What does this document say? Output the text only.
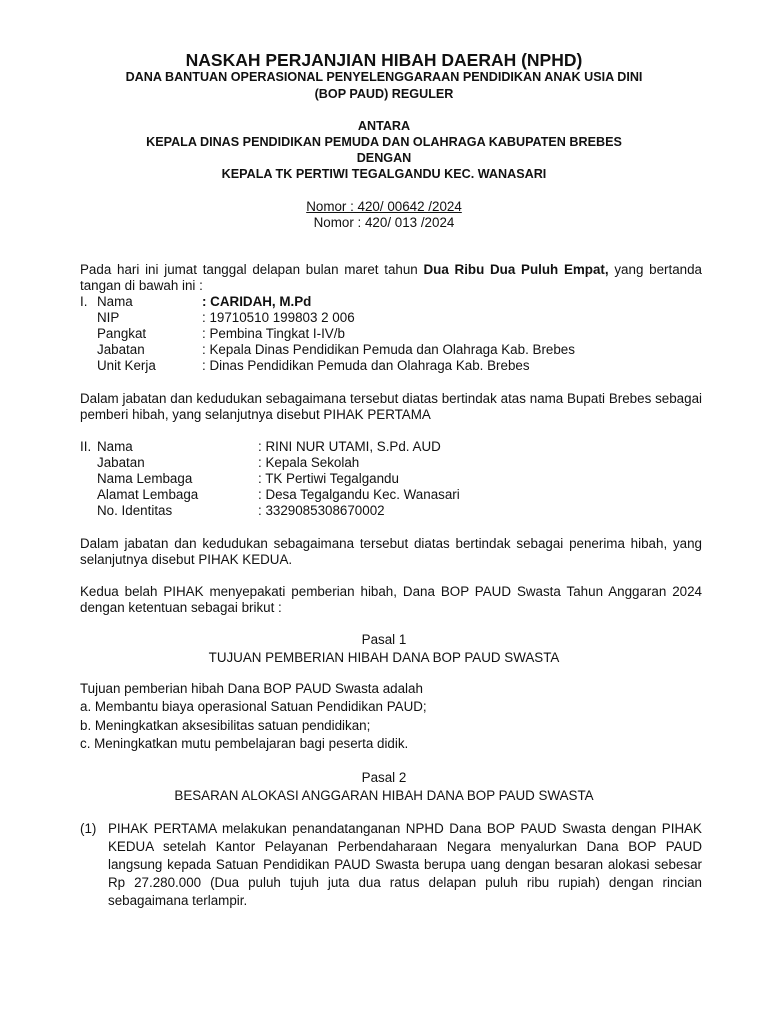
NASKAH PERJANJIAN HIBAH DAERAH (NPHD)
DANA BANTUAN OPERASIONAL PENYELENGGARAAN PENDIDIKAN ANAK USIA DINI
(BOP PAUD) REGULER
ANTARA
KEPALA DINAS PENDIDIKAN PEMUDA DAN OLAHRAGA KABUPATEN BREBES
DENGAN
KEPALA TK PERTIWI TEGALGANDU KEC. WANASARI
Nomor : 420/ 00642 /2024
Nomor : 420/ 013 /2024
Pada hari ini jumat tanggal delapan bulan maret tahun Dua Ribu Dua Puluh Empat, yang bertanda tangan di bawah ini :
I. Nama	: CARIDAH, M.Pd
NIP	: 19710510 199803 2 006
Pangkat	: Pembina Tingkat I-IV/b
Jabatan	: Kepala Dinas Pendidikan Pemuda dan Olahraga Kab. Brebes
Unit Kerja	: Dinas Pendidikan Pemuda dan Olahraga Kab. Brebes
Dalam jabatan dan kedudukan sebagaimana tersebut diatas bertindak atas nama Bupati Brebes sebagai pemberi hibah, yang selanjutnya disebut PIHAK PERTAMA
II. Nama	: RINI NUR UTAMI, S.Pd. AUD
Jabatan	: Kepala Sekolah
Nama Lembaga	: TK Pertiwi Tegalgandu
Alamat Lembaga	: Desa Tegalgandu Kec. Wanasari
No. Identitas	: 3329085308670002
Dalam jabatan dan kedudukan sebagaimana tersebut diatas bertindak sebagai penerima hibah, yang selanjutnya disebut PIHAK KEDUA.
Kedua belah PIHAK menyepakati pemberian hibah, Dana BOP PAUD Swasta Tahun Anggaran 2024 dengan ketentuan sebagai brikut :
Pasal 1
TUJUAN PEMBERIAN HIBAH DANA BOP PAUD SWASTA
Tujuan pemberian hibah Dana BOP PAUD Swasta adalah
a. Membantu biaya operasional Satuan Pendidikan PAUD;
b. Meningkatkan aksesibilitas satuan pendidikan;
c. Meningkatkan mutu pembelajaran bagi peserta didik.
Pasal 2
BESARAN ALOKASI ANGGARAN HIBAH DANA BOP PAUD SWASTA
(1) PIHAK PERTAMA melakukan penandatanganan NPHD Dana BOP PAUD Swasta dengan PIHAK KEDUA setelah Kantor Pelayanan Perbendaharaan Negara menyalurkan Dana BOP PAUD langsung kepada Satuan Pendidikan PAUD Swasta berupa uang dengan besaran alokasi sebesar Rp 27.280.000 (Dua puluh tujuh juta dua ratus delapan puluh ribu rupiah) dengan rincian sebagaimana terlampir.
